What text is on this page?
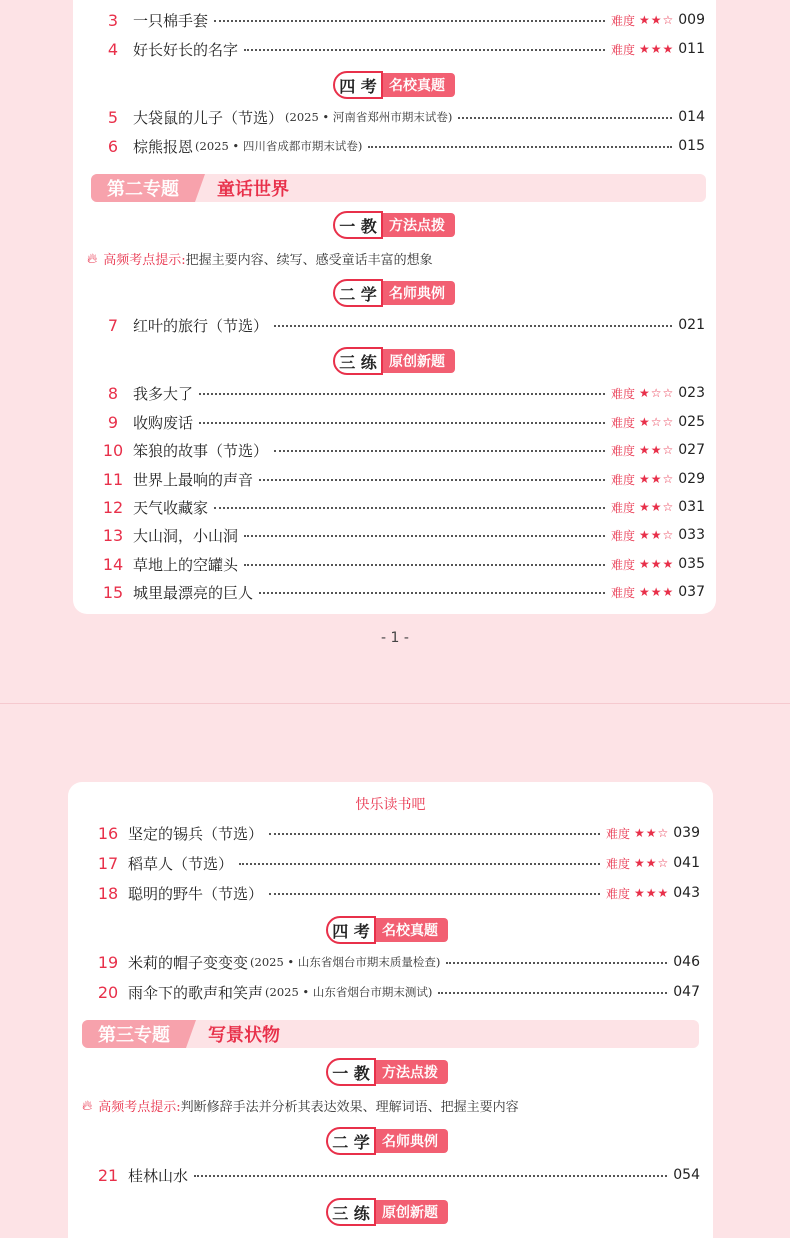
3 一只棉手套	难度 ★★☆ 009
4 好长好长的名字	难度 ★★★ 011
四 考 名校真题
5 大袋鼠的儿子（节选） (2025 • 河南省郑州市期末试卷)	014
6 棕熊报恩 (2025 • 四川省成都市期末试卷)	015
第二专题	童话世界
一 教 方法点拨
🔥︎ 高频考点提示: 把握主要内容、续写、感受童话丰富的想象
二 学 名师典例
7 红叶的旅行（节选）	021
三 练 原创新题
8 我多大了	难度 ★☆☆ 023
9 收购废话	难度 ★☆☆ 025
10 笨狼的故事（节选）	难度 ★★☆ 027
11 世界上最响的声音	难度 ★★☆ 029
12 天气收藏家	难度 ★★☆ 031
13 大山洞，小山洞	难度 ★★☆ 033
14 草地上的空罐头	难度 ★★★ 035
15 城里最漂亮的巨人	难度 ★★★ 037
- 1 -
快乐读书吧
16 坚定的锡兵（节选）	难度 ★★☆ 039
17 稻草人（节选）	难度 ★★☆ 041
18 聪明的野牛（节选）	难度 ★★★ 043
四 考 名校真题
19 米莉的帽子变变变 (2025 • 山东省烟台市期末质量检查)	046
20 雨伞下的歌声和笑声 (2025 • 山东省烟台市期末测试)	047
第三专题	写景状物
一 教 方法点拨
🔥︎ 高频考点提示: 判断修辞手法并分析其表达效果、理解词语、把握主要内容
二 学 名师典例
21 桂林山水	054
三 练 原创新题
